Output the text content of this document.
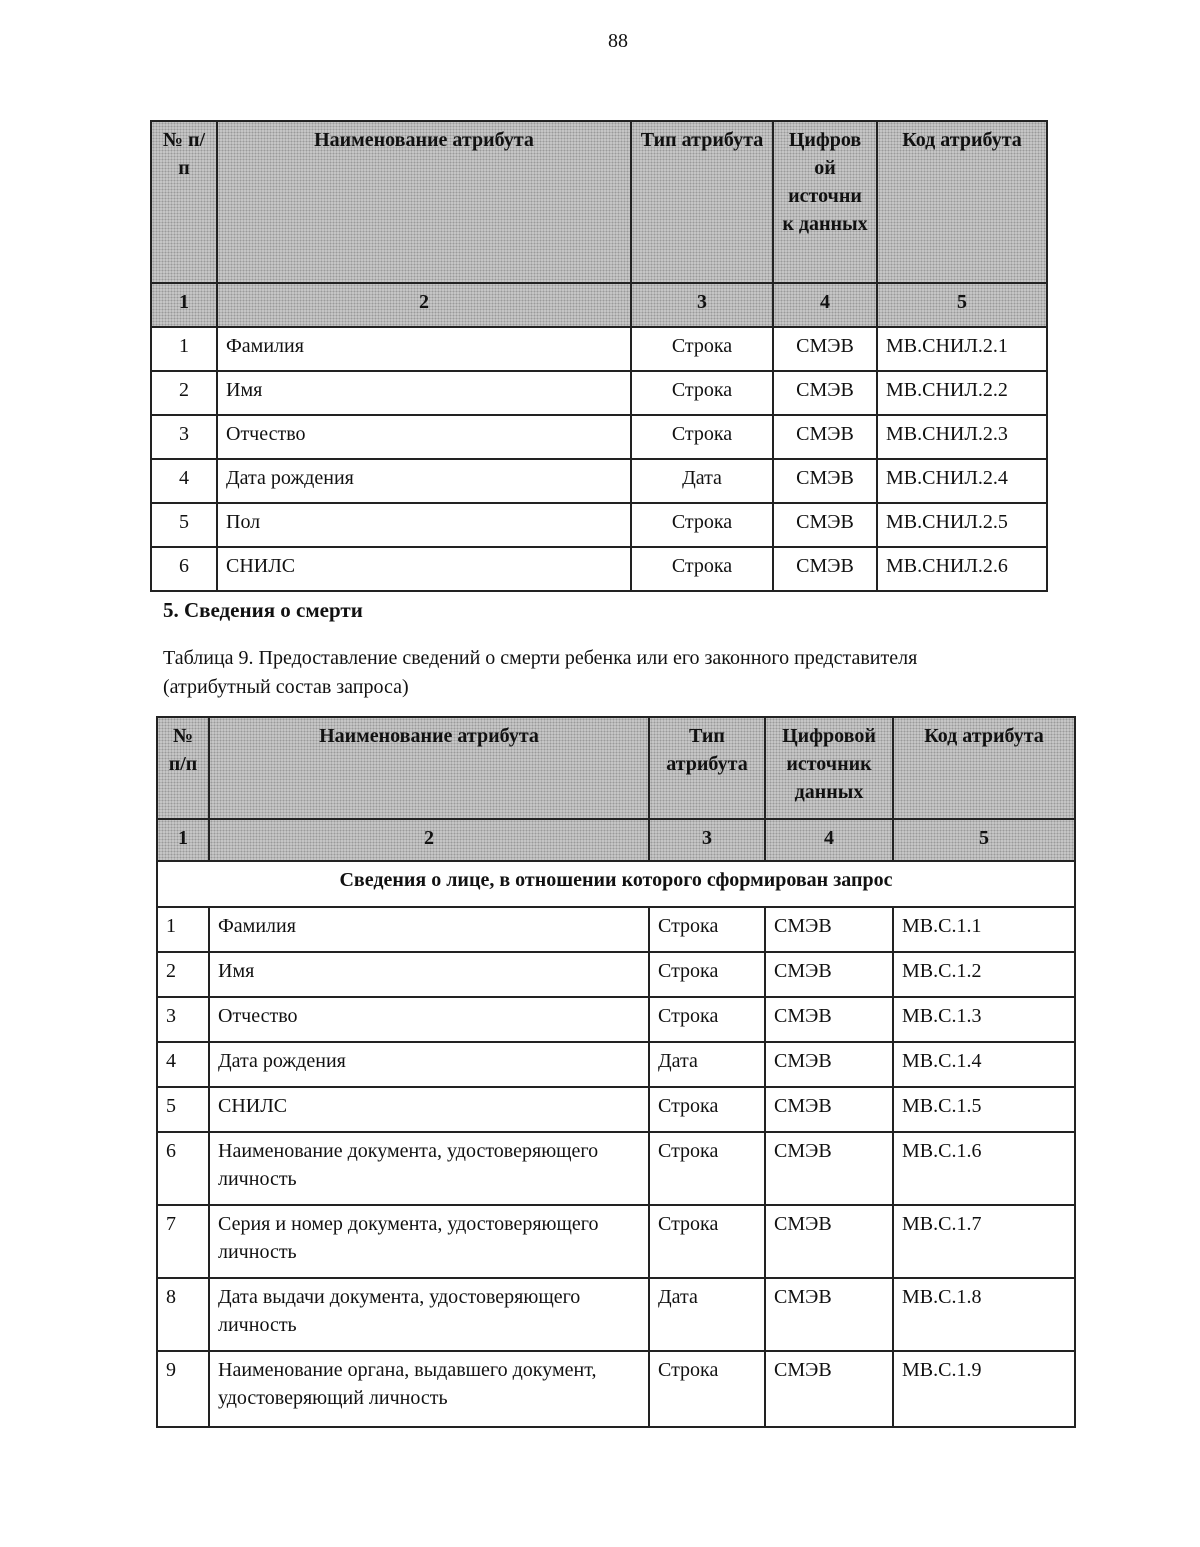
88
№ п/п	Наименование атрибута	Тип атрибута	Цифров ой источни к данных	Код атрибута
1	2	3	4	5
1	Фамилия	Строка	СМЭВ	МВ.СНИЛ.2.1
2	Имя	Строка	СМЭВ	МВ.СНИЛ.2.2
3	Отчество	Строка	СМЭВ	МВ.СНИЛ.2.3
4	Дата рождения	Дата	СМЭВ	МВ.СНИЛ.2.4
5	Пол	Строка	СМЭВ	МВ.СНИЛ.2.5
6	СНИЛС	Строка	СМЭВ	МВ.СНИЛ.2.6
5. Сведения о смерти
Таблица 9. Предоставление сведений о смерти ребенка или его законного представителя
(атрибутный состав запроса)
№ п/п	Наименование атрибута	Тип атрибута	Цифровой источник данных	Код атрибута
1	2	3	4	5
Сведения о лице, в отношении которого сформирован запрос				
1	Фамилия	Строка	СМЭВ	МВ.С.1.1
2	Имя	Строка	СМЭВ	МВ.С.1.2
3	Отчество	Строка	СМЭВ	МВ.С.1.3
4	Дата рождения	Дата	СМЭВ	МВ.С.1.4
5	СНИЛС	Строка	СМЭВ	МВ.С.1.5
6	Наименование документа, удостоверяющего личность	Строка	СМЭВ	МВ.С.1.6
7	Серия и номер документа, удостоверяющего личность	Строка	СМЭВ	МВ.С.1.7
8	Дата выдачи документа, удостоверяющего личность	Дата	СМЭВ	МВ.С.1.8
9	Наименование органа, выдавшего документ, удостоверяющий личность	Строка	СМЭВ	МВ.С.1.9
